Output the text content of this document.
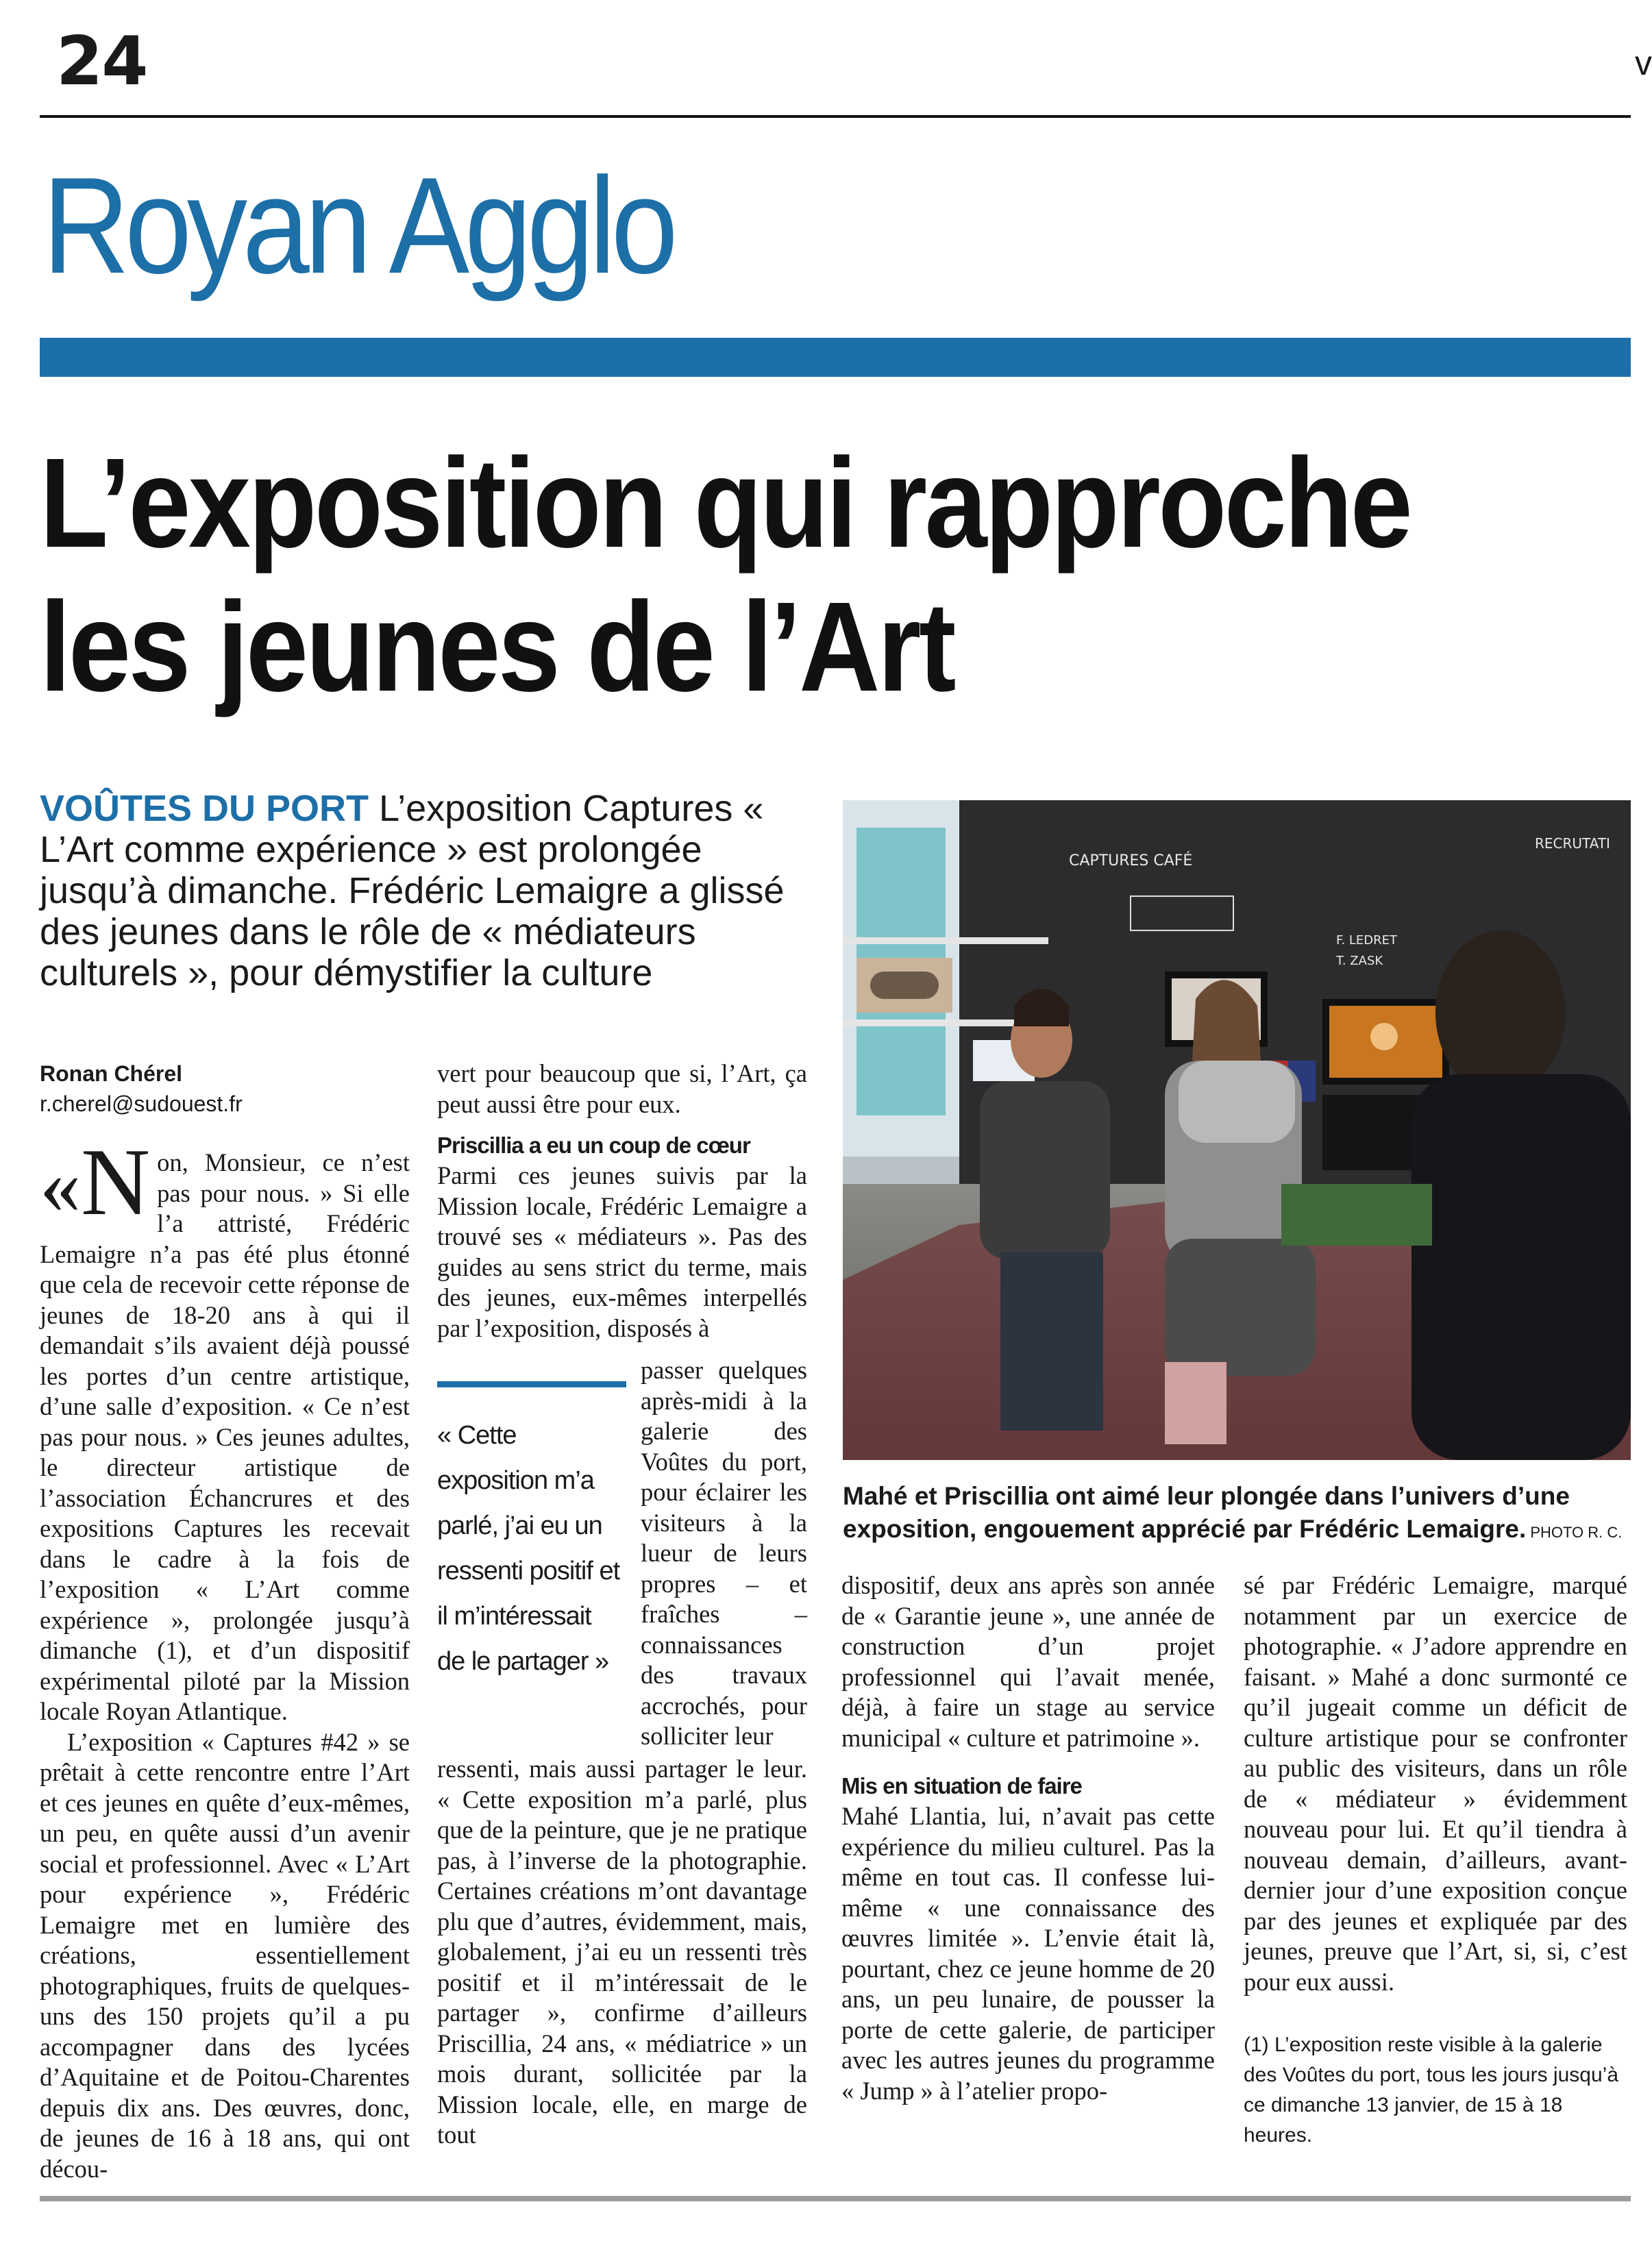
24	v
Royan Agglo
L’exposition qui rapproche
les jeunes de l’Art
VOÛTES DU PORT L’exposition Captures « L’Art comme expérience » est prolongée jusqu’à dimanche. Frédéric Lemaigre a glissé des jeunes dans le rôle de « médiateurs culturels », pour démystifier la culture
CAPTURES CAFÉ
F. LEDRET
T. ZASK
RECRUTATI
Mahé et Priscillia ont aimé leur plongée dans l’univers d’une exposition, engouement apprécié par Frédéric Lemaigre. PHOTO R. C.
Ronan Chérel
r.cherel@sudouest.fr
« N on, Monsieur, ce n’est pas pour nous. » Si elle l’a attristé, Frédéric Lemaigre n’a pas été plus étonné que cela de recevoir cette réponse de jeunes de 18-20 ans à qui il demandait s’ils avaient déjà poussé les portes d’un centre artistique, d’une salle d’exposition. « Ce n’est pas pour nous. » Ces jeunes adultes, le directeur artistique de l’association Échancrures et des expositions Captures les recevait dans le cadre à la fois de l’exposition « L’Art comme expérience », prolongée jusqu’à dimanche (1), et d’un dispositif expérimental piloté par la Mission locale Royan Atlantique.

L’exposition « Captures #42 » se prêtait à cette rencontre entre l’Art et ces jeunes en quête d’eux-mêmes, un peu, en quête aussi d’un avenir social et professionnel. Avec « L’Art pour expérience », Frédéric Lemaigre met en lumière des créations, essentiellement photographiques, fruits de quelques-uns des 150 projets qu’il a pu accompagner dans des lycées d’Aquitaine et de Poitou-Charentes depuis dix ans. Des œuvres, donc, de jeunes de 16 à 18 ans, qui ont décou-

vert pour beaucoup que si, l’Art, ça peut aussi être pour eux.

Priscillia a eu un coup de cœur

Parmi ces jeunes suivis par la Mission locale, Frédéric Lemaigre a trouvé ses « médiateurs ». Pas des guides au sens strict du terme, mais des jeunes, eux-mêmes interpellés par l’exposition, disposés à

« Cette exposition m’a parlé, j’ai eu un ressenti positif et il m’intéressait de le partager »

passer quelques après-midi à la galerie des Voûtes du port, pour éclairer les visiteurs à la lueur de leurs propres – et fraîches – connaissances des travaux accrochés, pour solliciter leur

ressenti, mais aussi partager le leur. « Cette exposition m’a parlé, plus que de la peinture, que je ne pratique pas, à l’inverse de la photographie. Certaines créations m’ont davantage plu que d’autres, évidemment, mais, globalement, j’ai eu un ressenti très positif et il m’intéressait de le partager », confirme d’ailleurs Priscillia, 24 ans, « médiatrice » un mois durant, sollicitée par la Mission locale, elle, en marge de tout

dispositif, deux ans après son année de « Garantie jeune », une année de construction d’un projet professionnel qui l’avait menée, déjà, à faire un stage au service municipal « culture et patrimoine ».

Mis en situation de faire

Mahé Llantia, lui, n’avait pas cette expérience du milieu culturel. Pas la même en tout cas. Il confesse lui-même « une connaissance des œuvres limitée ». L’envie était là, pourtant, chez ce jeune homme de 20 ans, un peu lunaire, de pousser la porte de cette galerie, de participer avec les autres jeunes du programme « Jump » à l’atelier propo-

sé par Frédéric Lemaigre, marqué notamment par un exercice de photographie. « J’adore apprendre en faisant. » Mahé a donc surmonté ce qu’il jugeait comme un déficit de culture artistique pour se confronter au public des visiteurs, dans un rôle de « médiateur » évidemment nouveau pour lui. Et qu’il tiendra à nouveau demain, d’ailleurs, avant-dernier jour d’une exposition conçue par des jeunes et expliquée par des jeunes, preuve que l’Art, si, si, c’est pour eux aussi.

(1) L’exposition reste visible à la galerie des Voûtes du port, tous les jours jusqu’à ce dimanche 13 janvier, de 15 à 18 heures.
